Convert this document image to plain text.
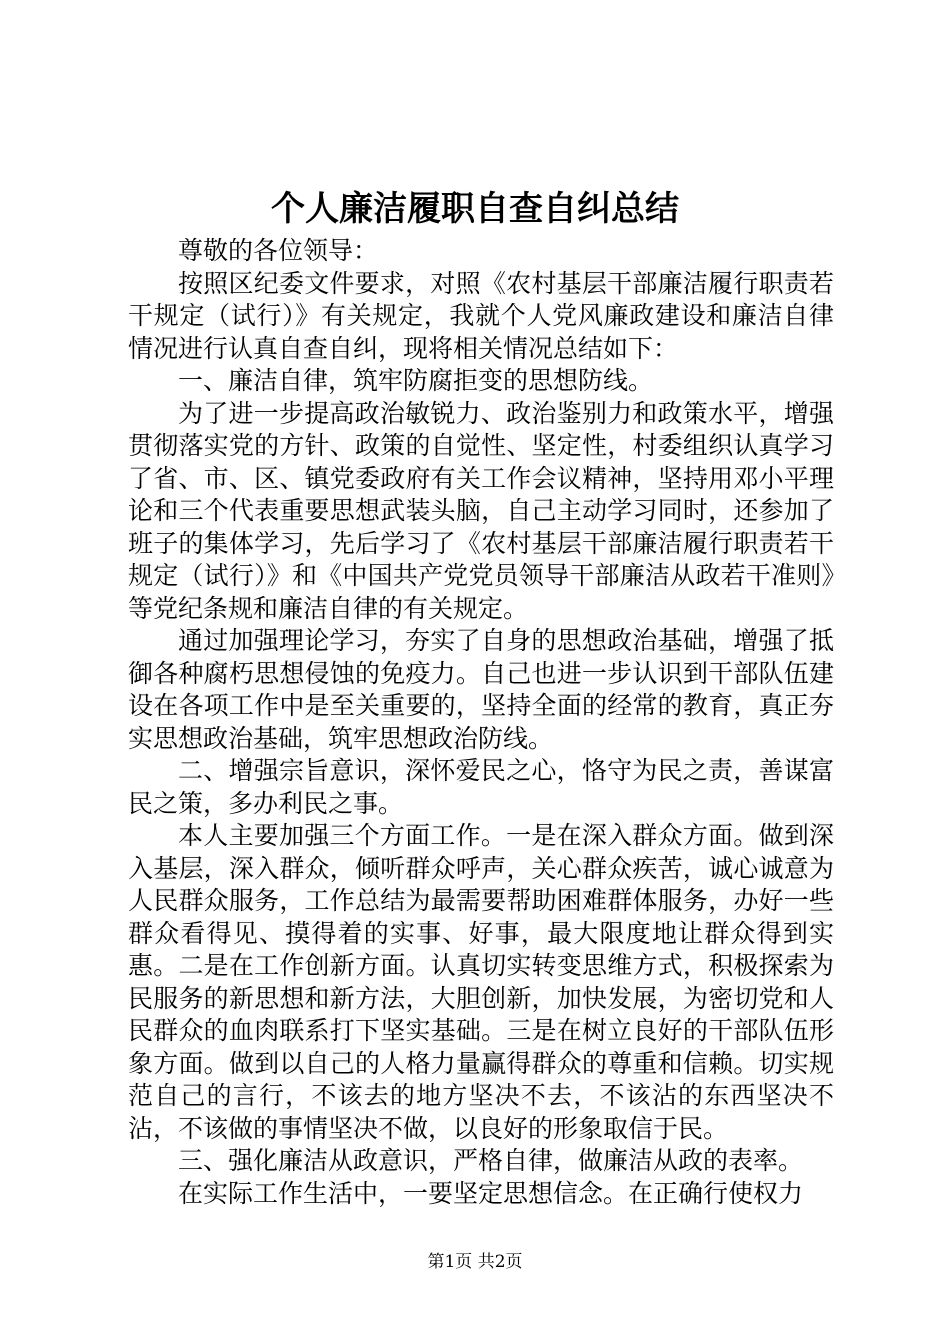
个人廉洁履职自查自纠总结

尊敬的各位领导：

按照区纪委文件要求，对照《农村基层干部廉洁履行职责若干规定（试行）》有关规定，我就个人党风廉政建设和廉洁自律情况进行认真自查自纠，现将相关情况总结如下：

一、廉洁自律，筑牢防腐拒变的思想防线。

为了进一步提高政治敏锐力、政治鉴别力和政策水平，增强贯彻落实党的方针、政策的自觉性、坚定性，村委组织认真学习了省、市、区、镇党委政府有关工作会议精神，坚持用邓小平理论和三个代表重要思想武装头脑，自己主动学习同时，还参加了班子的集体学习，先后学习了《农村基层干部廉洁履行职责若干规定（试行）》和《中国共产党党员领导干部廉洁从政若干准则》等党纪条规和廉洁自律的有关规定。

通过加强理论学习，夯实了自身的思想政治基础，增强了抵御各种腐朽思想侵蚀的免疫力。自己也进一步认识到干部队伍建设在各项工作中是至关重要的，坚持全面的经常的教育，真正夯实思想政治基础，筑牢思想政治防线。

二、增强宗旨意识，深怀爱民之心，恪守为民之责，善谋富民之策，多办利民之事。

本人主要加强三个方面工作。一是在深入群众方面。做到深入基层，深入群众，倾听群众呼声，关心群众疾苦，诚心诚意为人民群众服务，工作总结为最需要帮助困难群体服务，办好一些群众看得见、摸得着的实事、好事，最大限度地让群众得到实惠。二是在工作创新方面。认真切实转变思维方式，积极探索为民服务的新思想和新方法，大胆创新，加快发展，为密切党和人民群众的血肉联系打下坚实基础。三是在树立良好的干部队伍形象方面。做到以自己的人格力量赢得群众的尊重和信赖。切实规范自己的言行，不该去的地方坚决不去，不该沾的东西坚决不沾，不该做的事情坚决不做，以良好的形象取信于民。

三、强化廉洁从政意识，严格自律，做廉洁从政的表率。

在实际工作生活中，一要坚定思想信念。在正确行使权力

第1页 共2页
